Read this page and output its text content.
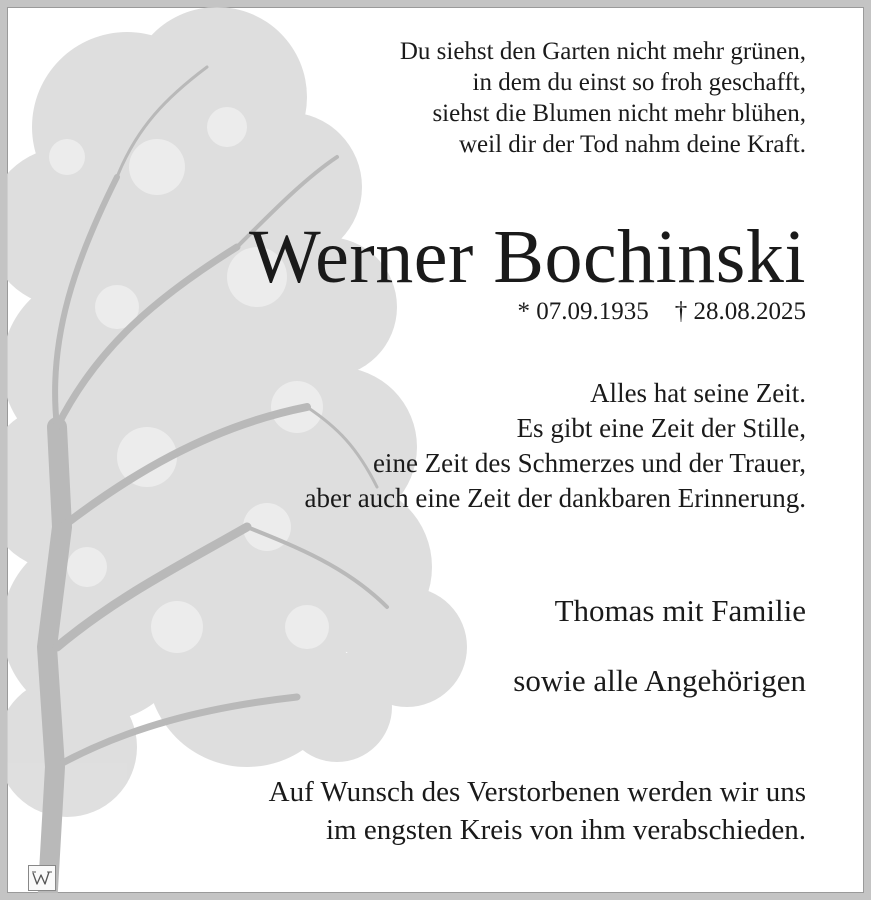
Du siehst den Garten nicht mehr grünen,
in dem du einst so froh geschafft,
siehst die Blumen nicht mehr blühen,
weil dir der Tod nahm deine Kraft.
Werner Bochinski
* 07.09.1935 † 28.08.2025
Alles hat seine Zeit.
Es gibt eine Zeit der Stille,
eine Zeit des Schmerzes und der Trauer,
aber auch eine Zeit der dankbaren Erinnerung.
Thomas mit Familie
sowie alle Angehörigen
Auf Wunsch des Verstorbenen werden wir uns
im engsten Kreis von ihm verabschieden.
